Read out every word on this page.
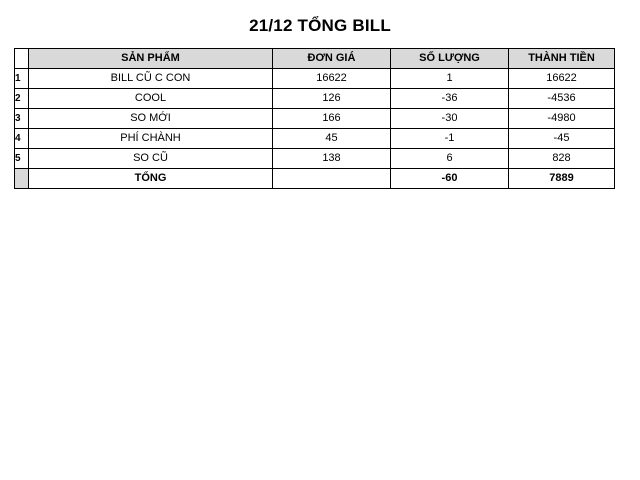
21/12 TỔNG BILL
	SẢN PHẨM	ĐƠN GIÁ	SỐ LƯỢNG	THÀNH TIỀN
1	BILL CŨ C CON	16622	1	16622
2	COOL	126	-36	-4536
3	SO MỚI	166	-30	-4980
4	PHÍ CHÀNH	45	-1	-45
5	SO CŨ	138	6	828
	TỔNG		-60	7889
